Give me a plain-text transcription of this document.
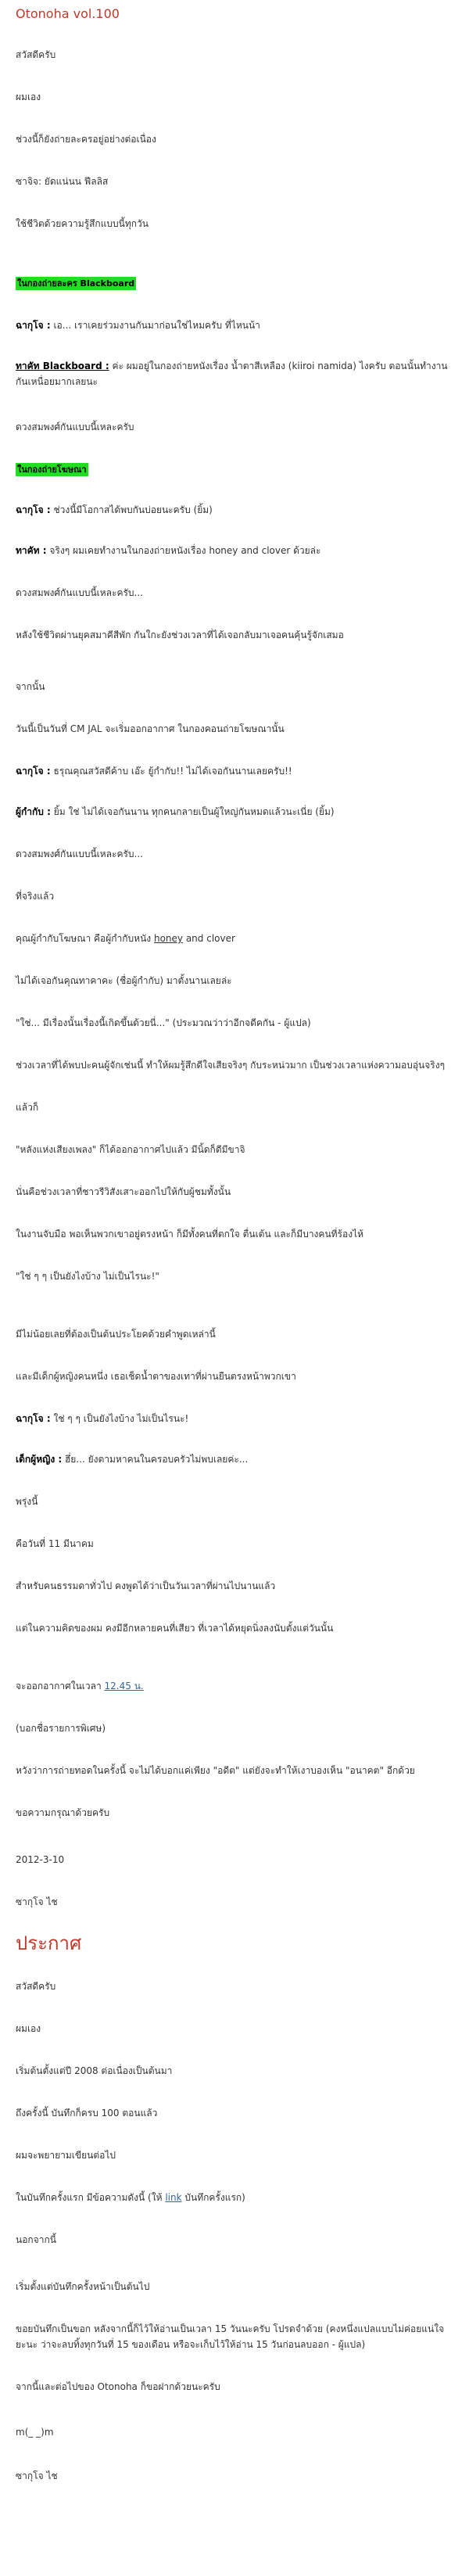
Otonoha vol.100

สวัสดีครับ

ผมเอง

ช่วงนี้ก็ยังถ่ายละครอยู่อย่างต่อเนื่อง

ซาจิจ: ยัดแน่นน ฟีลลิส

ใช้ชีวิตด้วยความรู้สึกแบบนี้ทุกวัน

ในกองถ่ายละคร Blackboard

ฉากุโจ : เอ... เราเคยร่วมงานกันมาก่อนใช่ไหมครับ ที่ไหนน้า

ทาคัท Blackboard : ค่ะ ผมอยู่ในกองถ่ายหนังเรื่อง น้ำตาสีเหลือง (kiiroi namida) ไงครับ ตอนนั้นทำงานกันเหนื่อยมากเลยนะ

ดวงสมพงศ์กันแบบนี้เหละครับ

ในกองถ่ายโฆษณา

ฉากุโจ : ช่วงนี้มีโอกาสได้พบกันบ่อยนะครับ (ยิ้ม)

ทาคัท : จริงๆ ผมเคยทำงานในกองถ่ายหนังเรื่อง honey and clover ด้วยล่ะ

ดวงสมพงศ์กันแบบนี้เหละครับ...

หลังใช้ชีวิตผ่านยุคสมาคีสีพัก กันใกะยังช่วงเวลาที่ได้เจอกลับมาเจอคนคุ้นรู้จักเสมอ

จากนั้น

วันนี้เป็นวันที่ CM JAL จะเริ่มออกอากาศ ในกองคอนถ่ายโฆษณานั้น

ฉากุโจ : ธรุณคุณสวัสดีค้าบ เอ๊ะ ยู้กำกับ!! ไม่ได้เจอกันนานเลยครับ!!

ผู้กำกับ : ยิ้ม ใช่ ไม่ได้เจอกันนาน ทุกคนกลายเป็นผู้ใหญ่กันหมดแล้วนะเนี่ย (ยิ้ม)

ดวงสมพงศ์กันแบบนี้เหละครับ...

ที่จริงแล้ว

คุณผู้กำกับโฆษณา คือผู้กำกับหนัง honey and clover

ไม่ได้เจอกันคุณทาคาคะ (ชื่อผู้กำกับ) มาตั้งนานเลยล่ะ

"ใช่... มีเรื่องนั้นเรื่องนี้เกิดขึ้นด้วยนี่..." (ประมวณว่าว่าอีกจดีคกัน - ผู้แปล)

ช่วงเวลาที่ได้พบปะคนผู้จักเช่นนี้ ทำให้ผมรู้สึกดีใจเสียจริงๆ กับระหน่วมาก เป็นช่วงเวลาแห่งความอบอุ่นจริงๆ

แล้วก็

"หลังแห่งเสียงเพลง" ก็ได้ออกอากาศไปแล้ว มีนิ้ดก็ดีมีขาจิ

นั่นคือช่วงเวลาที่ชาวรีวิสังเสาะออกไปให้กับผู้ชมทั้งนั้น

ในงานจับมือ พอเห็นพวกเขาอยู่ตรงหน้า ก็มีทั้งคนที่ตกใจ ตื่นเต้น และก็มีบางคนที่ร้องไห้

"ใช่ ๆ ๆ เป็นยังไงบ้าง ไม่เป็นไรนะ!"

มีไม่น้อยเลยที่ต้องเป็นต้นประโยคด้วยคำพูดเหล่านี้

และมีเด็กผู้หญิงคนหนึ่ง เธอเช็ดน้ำตาของเทาที่ผ่านยืนตรงหน้าพวกเขา

ฉากุโจ : ใช่ ๆ ๆ เป็นยังไงบ้าง ไม่เป็นไรนะ!

เด็กผู้หญิง : ฮึ่ย... ยังตามหาคนในครอบครัวไม่พบเลยค่ะ...

พรุ่งนี้

คือวันที่ 11 มีนาคม

สำหรับคนธรรมดาทั่วไป คงพูดได้ว่าเป็นวันเวลาที่ผ่านไปนานแล้ว

แต่ในความคิดของผม คงมีอีกหลายคนที่เสียว ที่เวลาได้หยุดนิ่งลงนับตั้งแต่วันนั้น

จะออกอากาศในเวลา 12.45 น.

(บอกชื่อรายการพิเศษ)

หวังว่าการถ่ายทอดในครั้งนี้ จะไม่ได้บอกแค่เพียง "อดีต" แต่ยังจะทำให้เงาบองเห็น "อนาคต" อีกด้วย

ขอความกรุณาด้วยครับ

2012-3-10

ซากุโจ ไช

ประกาศ

สวัสดีครับ

ผมเอง

เริ่มต้นตั้งแต่ปี 2008 ต่อเนื่องเป็นต้นมา

ถึงครั้งนี้ บันทึกก็ครบ 100 ตอนแล้ว

ผมจะพยายามเขียนต่อไป

ในบันทึกครั้งแรก มีข้อความดังนี้ (ให้ link บันทึกครั้งแรก)

นอกจากนี้

เริ่มตั้งแต่บันทึกครั้งหน้าเป็นต้นไป

ขอยบันทึกเป็นขอก หลังจากนี้ก็ไว้ให้อ่านเป็นเวลา 15 วันนะครับ โปรดจำด้วย (คงหนึ่งแปลแบบไม่ค่อยแน่ใจ ยะนะ ว่าจะลบทิ้งทุกวันที่ 15 ของเดือน หรือจะเก็บไว้ให้อ่าน 15 วันก่อนลบออก - ผู้แปล)

จากนี้และต่อไปของ Otonoha ก็ขอฝากด้วยนะครับ

m(_ _)m

ซากุโจ ไช
